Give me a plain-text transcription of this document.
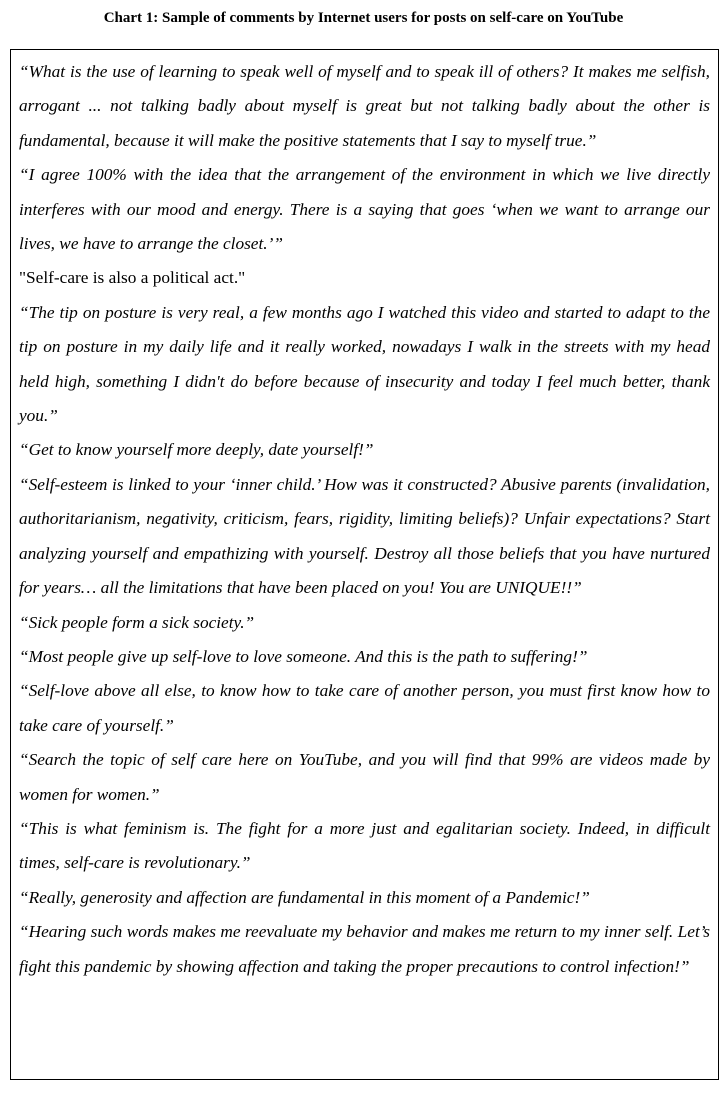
Chart 1: Sample of comments by Internet users for posts on self-care on YouTube

“What is the use of learning to speak well of myself and to speak ill of others? It makes me selfish, arrogant ... not talking badly about myself is great but not talking badly about the other is fundamental, because it will make the positive statements that I say to myself true.”

“I agree 100% with the idea that the arrangement of the environment in which we live directly interferes with our mood and energy. There is a saying that goes ‘when we want to arrange our lives, we have to arrange the closet.’”

"Self-care is also a political act."

“The tip on posture is very real, a few months ago I watched this video and started to adapt to the tip on posture in my daily life and it really worked, nowadays I walk in the streets with my head held high, something I didn't do before because of insecurity and today I feel much better, thank you.”

“Get to know yourself more deeply, date yourself!”

“Self-esteem is linked to your ‘inner child.’ How was it constructed? Abusive parents (invalidation, authoritarianism, negativity, criticism, fears, rigidity, limiting beliefs)? Unfair expectations? Start analyzing yourself and empathizing with yourself. Destroy all those beliefs that you have nurtured for years… all the limitations that have been placed on you! You are UNIQUE!!”

“Sick people form a sick society.”

“Most people give up self-love to love someone. And this is the path to suffering!”

“Self-love above all else, to know how to take care of another person, you must first know how to take care of yourself.”

“Search the topic of self care here on YouTube, and you will find that 99% are videos made by women for women.”

“This is what feminism is. The fight for a more just and egalitarian society. Indeed, in difficult times, self-care is revolutionary.”

“Really, generosity and affection are fundamental in this moment of a Pandemic!”

“Hearing such words makes me reevaluate my behavior and makes me return to my inner self. Let’s fight this pandemic by showing affection and taking the proper precautions to control infection!”
